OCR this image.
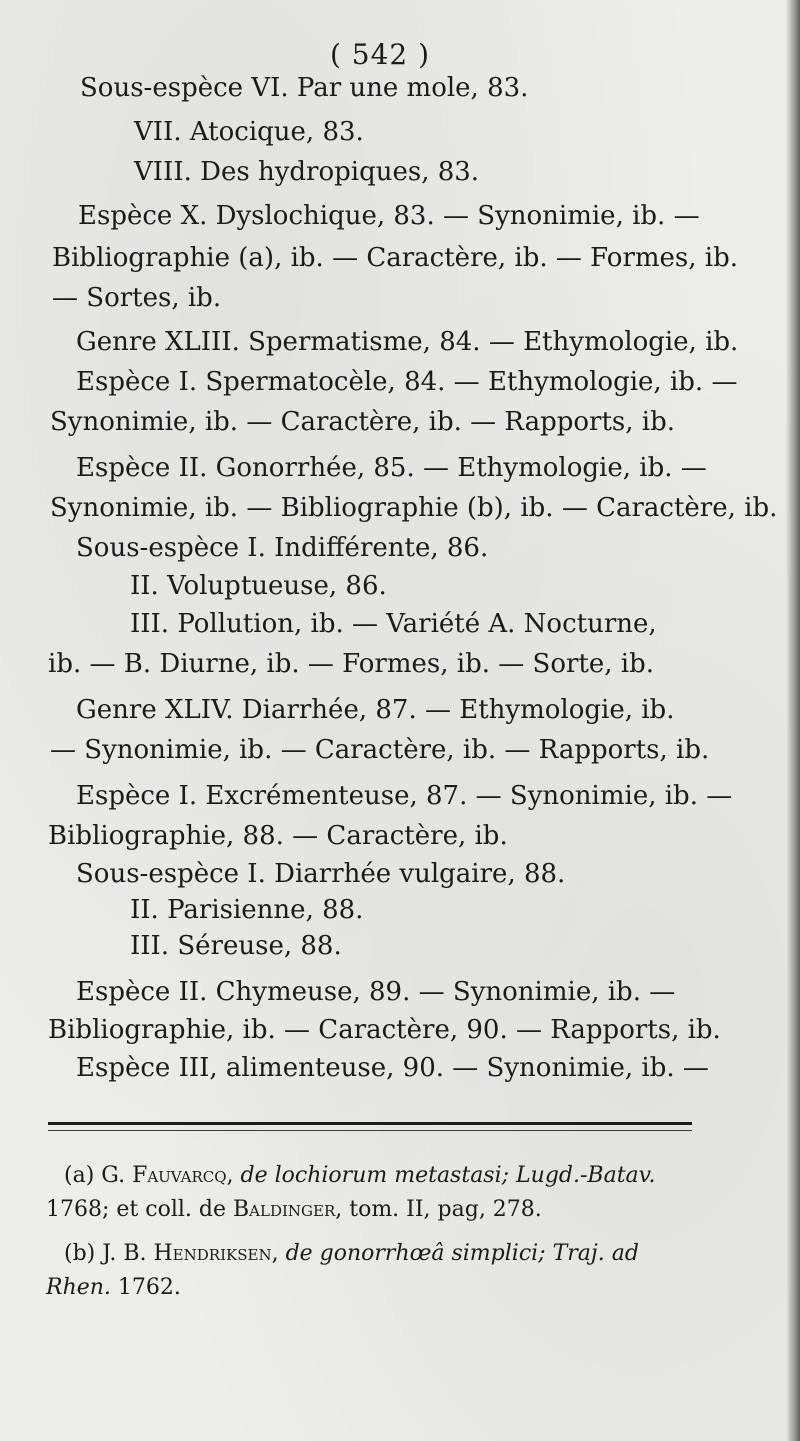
( 542 )
Sous-espèce VI. Par une mole, 83.
VII. Atocique, 83.
VIII. Des hydropiques, 83.
Espèce X. Dyslochique, 83. — Synonimie, ib. —
Bibliographie (a), ib. — Caractère, ib. — Formes, ib.
— Sortes, ib.
Genre XLIII. Spermatisme, 84. — Ethymologie, ib.
Espèce I. Spermatocèle, 84. — Ethymologie, ib. —
Synonimie, ib. — Caractère, ib. — Rapports, ib.
Espèce II. Gonorrhée, 85. — Ethymologie, ib. —
Synonimie, ib. — Bibliographie (b), ib. — Caractère, ib.
Sous-espèce I. Indifférente, 86.
II. Voluptueuse, 86.
III. Pollution, ib. — Variété A. Nocturne,
ib. — B. Diurne, ib. — Formes, ib. — Sorte, ib.
Genre XLIV. Diarrhée, 87. — Ethymologie, ib.
— Synonimie, ib. — Caractère, ib. — Rapports, ib.
Espèce I. Excrémenteuse, 87. — Synonimie, ib. —
Bibliographie, 88. — Caractère, ib.
Sous-espèce I. Diarrhée vulgaire, 88.
II. Parisienne, 88.
III. Séreuse, 88.
Espèce II. Chymeuse, 89. — Synonimie, ib. —
Bibliographie, ib. — Caractère, 90. — Rapports, ib.
Espèce III, alimenteuse, 90. — Synonimie, ib. —
(a) G. Fauvarcq, de lochiorum metastasi; Lugd.-Batav.
1768; et coll. de Baldinger, tom. II, pag, 278.
(b) J. B. Hendriksen, de gonorrhœâ simplici; Traj. ad
Rhen. 1762.
